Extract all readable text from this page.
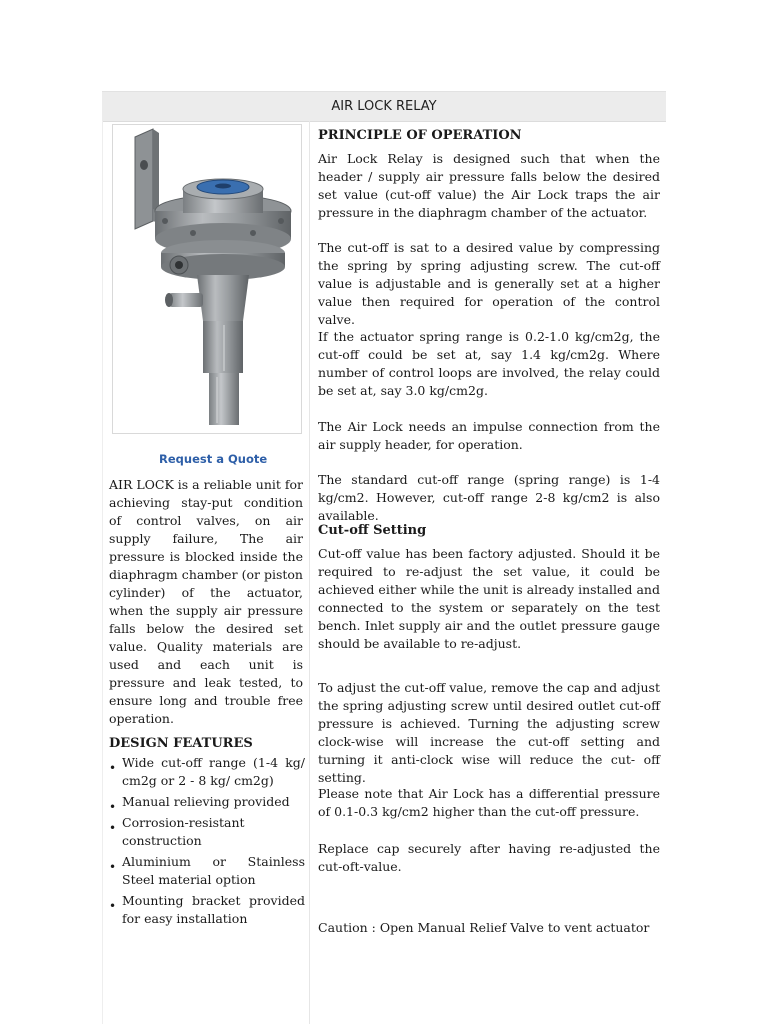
AIR LOCK RELAY
Request a Quote

AIR LOCK is a reliable unit for achieving stay-put condition of control valves, on air supply failure, The air pressure is blocked inside the diaphragm chamber (or piston cylinder) of the actuator, when the supply air pressure falls below the desired set value. Quality materials are used and each unit is pressure and leak tested, to ensure long and trouble free operation.

DESIGN FEATURES
• Wide cut-off range (1-4 kg/ cm2g or 2 - 8 kg/ cm2g)
• Manual relieving provided
• Corrosion-resistant construction
• Aluminium or Stainless Steel material option
• Mounting bracket provided for easy installation
PRINCIPLE OF OPERATION

Air Lock Relay is designed such that when the header / supply air pressure falls below the desired set value (cut-off value) the Air Lock traps the air pressure in the diaphragm chamber of the actuator.

The cut-off is sat to a desired value by compressing the spring by spring adjusting screw. The cut-off value is adjustable and is generally set at a higher value then required for operation of the control valve.

If the actuator spring range is 0.2-1.0 kg/cm2g, the cut-off could be set at, say 1.4 kg/cm2g. Where number of control loops are involved, the relay could be set at, say 3.0 kg/cm2g.

The Air Lock needs an impulse connection from the air supply header, for operation.

The standard cut-off range (spring range) is 1-4 kg/cm2. However, cut-off range 2-8 kg/cm2 is also available.

Cut-off Setting

Cut-off value has been factory adjusted. Should it be required to re-adjust the set value, it could be achieved either while the unit is already installed and connected to the system or separately on the test bench. Inlet supply air and the outlet pressure gauge should be available to re-adjust.

To adjust the cut-off value, remove the cap and adjust the spring adjusting screw until desired outlet cut-off pressure is achieved. Turning the adjusting screw clock-wise will increase the cut-off setting and turning it anti-clock wise will reduce the cut- off setting.

Please note that Air Lock has a differential pressure of 0.1-0.3 kg/cm2 higher than the cut-off pressure.

Replace cap securely after having re-adjusted the cut-oft-value.

Caution : Open Manual Relief Valve to vent actuator
